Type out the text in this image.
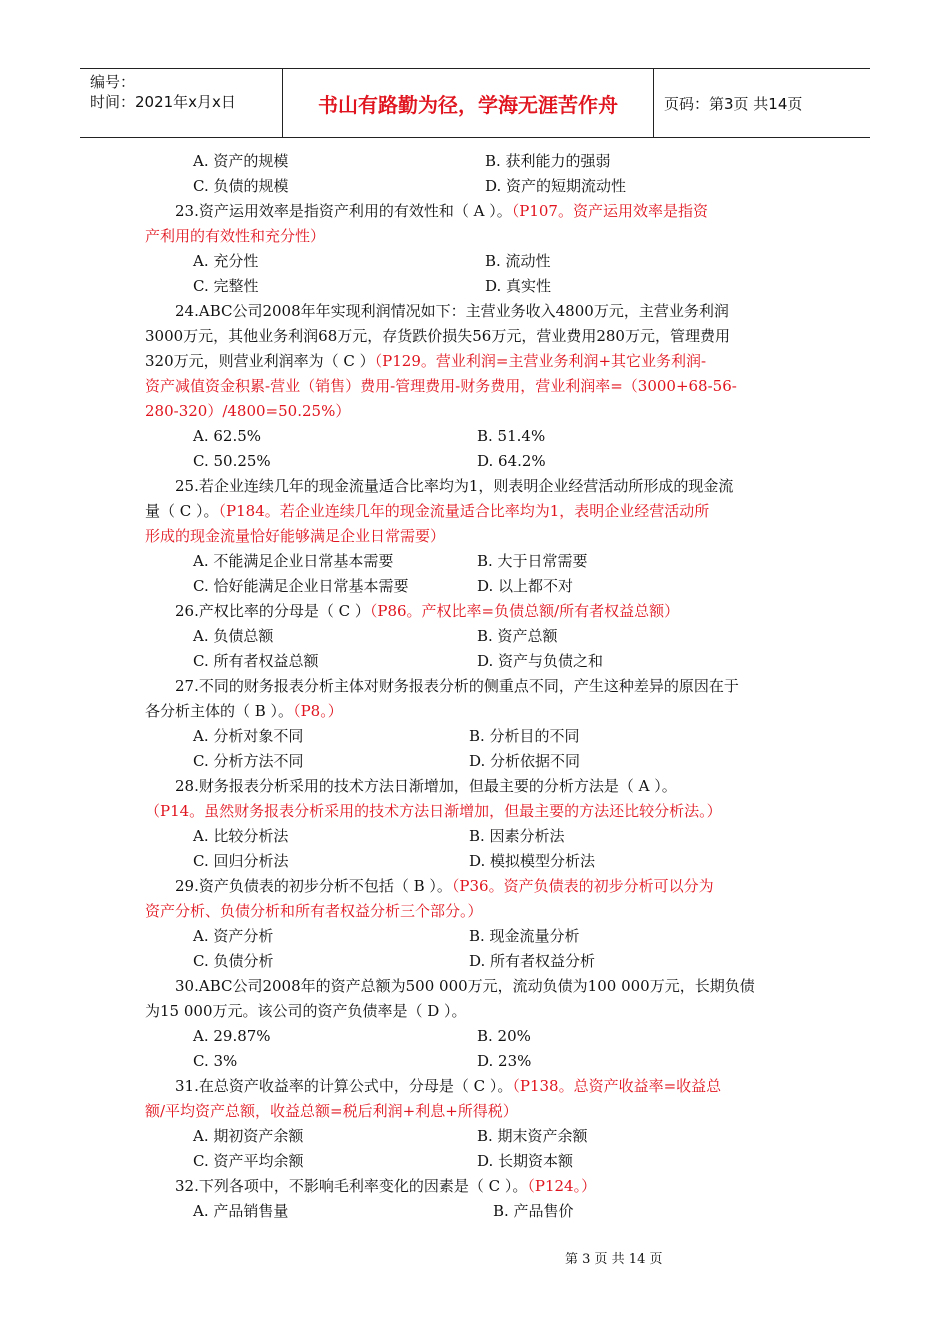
编号：
时间：2021年x月x日	书山有路勤为径，学海无涯苦作舟	页码：第3页 共14页
A. 资产的规模	B. 获利能力的强弱
C. 负债的规模	D. 资产的短期流动性
23.资产运用效率是指资产利用的有效性和（ A ）。（P107。资产运用效率是指资
产利用的有效性和充分性）
A. 充分性	B. 流动性
C. 完整性	D. 真实性
24.ABC公司2008年年实现利润情况如下：主营业务收入4800万元，主营业务利润
3000万元，其他业务利润68万元，存货跌价损失56万元，营业费用280万元，管理费用
320万元，则营业利润率为（ C ）（P129。营业利润=主营业务利润+其它业务利润-
资产减值资金积累-营业（销售）费用-管理费用-财务费用，营业利润率=（3000+68-56-
280-320）/4800=50.25%）
A. 62.5%	B. 51.4%
C. 50.25%	D. 64.2%
25.若企业连续几年的现金流量适合比率均为1，则表明企业经营活动所形成的现金流
量（ C ）。（P184。若企业连续几年的现金流量适合比率均为1，表明企业经营活动所
形成的现金流量恰好能够满足企业日常需要）
A. 不能满足企业日常基本需要	B. 大于日常需要
C. 恰好能满足企业日常基本需要	D. 以上都不对
26.产权比率的分母是（ C ）（P86。产权比率=负债总额/所有者权益总额）
A. 负债总额	B. 资产总额
C. 所有者权益总额	D. 资产与负债之和
27.不同的财务报表分析主体对财务报表分析的侧重点不同，产生这种差异的原因在于
各分析主体的（ B ）。（P8。）
A. 分析对象不同	B. 分析目的不同
C. 分析方法不同	D. 分析依据不同
28.财务报表分析采用的技术方法日渐增加，但最主要的分析方法是（ A ）。
（P14。虽然财务报表分析采用的技术方法日渐增加，但最主要的方法还比较分析法。）
A. 比较分析法	B. 因素分析法
C. 回归分析法	D. 模拟模型分析法
29.资产负债表的初步分析不包括（ B ）。（P36。资产负债表的初步分析可以分为
资产分析、负债分析和所有者权益分析三个部分。）
A. 资产分析	B. 现金流量分析
C. 负债分析	D. 所有者权益分析
30.ABC公司2008年的资产总额为500 000万元，流动负债为100 000万元，长期负债
为15 000万元。该公司的资产负债率是（ D ）。
A. 29.87%	B. 20%
C. 3%	D. 23%
31.在总资产收益率的计算公式中，分母是（ C ）。（P138。总资产收益率=收益总
额/平均资产总额，收益总额=税后利润+利息+所得税）
A. 期初资产余额	B. 期末资产余额
C. 资产平均余额	D. 长期资本额
32.下列各项中，不影响毛利率变化的因素是（ C ）。（P124。）
A. 产品销售量	B. 产品售价
第 3 页 共 14 页
